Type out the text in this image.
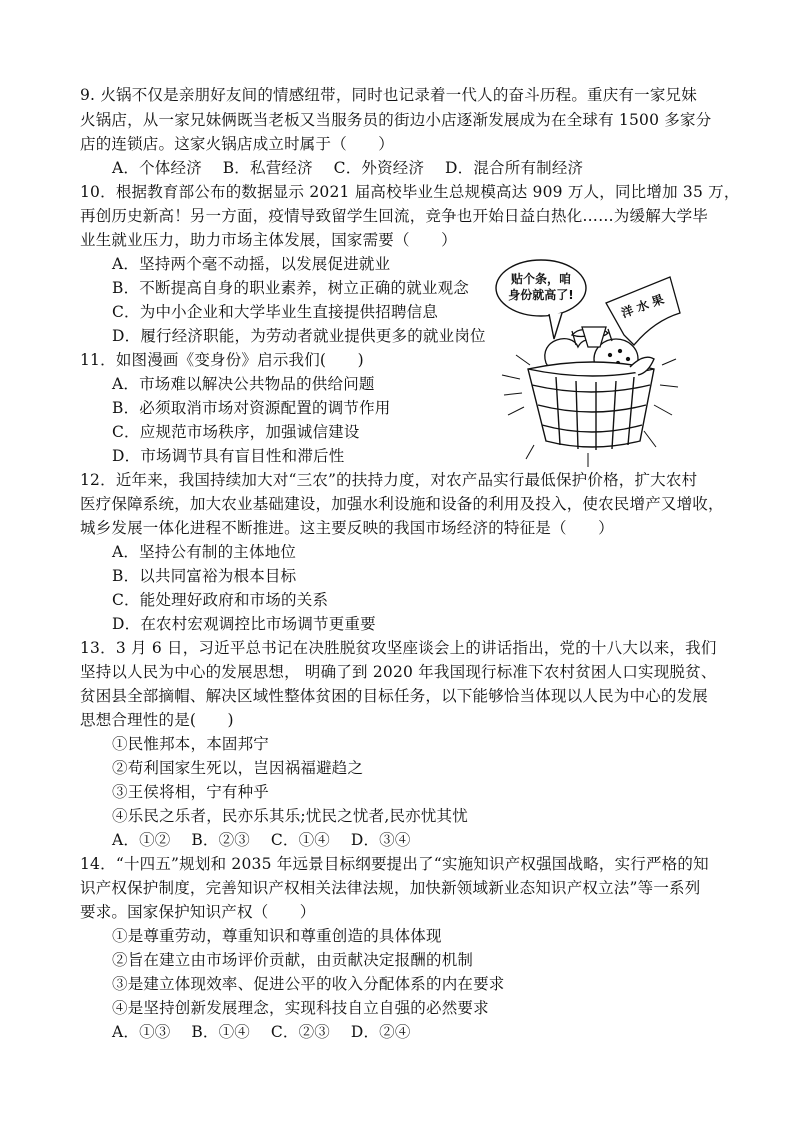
9. 火锅不仅是亲朋好友间的情感纽带，同时也记录着一代人的奋斗历程。重庆有一家兄妹
火锅店，从一家兄妹俩既当老板又当服务员的街边小店逐渐发展成为在全球有 1500 多家分
店的连锁店。这家火锅店成立时属于（　　）
A．个体经济　 B．私营经济　 C．外资经济　 D．混合所有制经济
10．根据教育部公布的数据显示 2021 届高校毕业生总规模高达 909 万人，同比增加 35 万，
再创历史新高！另一方面，疫情导致留学生回流，竞争也开始日益白热化……为缓解大学毕
业生就业压力，助力市场主体发展，国家需要（　　）
A．坚持两个毫不动摇，以发展促进就业
B．不断提高自身的职业素养，树立正确的就业观念
C．为中小企业和大学毕业生直接提供招聘信息
D．履行经济职能，为劳动者就业提供更多的就业岗位
11．如图漫画《变身份》启示我们(　　)
A．市场难以解决公共物品的供给问题
B．必须取消市场对资源配置的调节作用
C．应规范市场秩序，加强诚信建设
D．市场调节具有盲目性和滞后性
12．近年来，我国持续加大对“三农”的扶持力度，对农产品实行最低保护价格，扩大农村
医疗保障系统，加大农业基础建设，加强水利设施和设备的利用及投入，使农民增产又增收，
城乡发展一体化进程不断推进。这主要反映的我国市场经济的特征是（　　）
A．坚持公有制的主体地位
B．以共同富裕为根本目标
C．能处理好政府和市场的关系
D．在农村宏观调控比市场调节更重要
13．3 月 6 日，习近平总书记在决胜脱贫攻坚座谈会上的讲话指出，党的十八大以来，我们
坚持以人民为中心的发展思想， 明确了到 2020 年我国现行标准下农村贫困人口实现脱贫、
贫困县全部摘帽、解决区域性整体贫困的目标任务，以下能够恰当体现以人民为中心的发展
思想合理性的是(　　)
①民惟邦本，本固邦宁
②苟利国家生死以，岂因祸福避趋之
③王侯将相，宁有种乎
④乐民之乐者，民亦乐其乐;忧民之忧者,民亦忧其忧
A．①②　 B．②③　 C．①④　 D．③④
14．“十四五”规划和 2035 年远景目标纲要提出了“实施知识产权强国战略，实行严格的知
识产权保护制度，完善知识产权相关法律法规，加快新领域新业态知识产权立法”等一系列
要求。国家保护知识产权（　　）
①是尊重劳动，尊重知识和尊重创造的具体体现
②旨在建立由市场评价贡献，由贡献决定报酬的机制
③是建立体现效率、促进公平的收入分配体系的内在要求
④是坚持创新发展理念，实现科技自立自强的必然要求
A．①③　 B．①④　 C．②③　 D．②④
贴个条，咱
身份就高了!	洋 水 果
